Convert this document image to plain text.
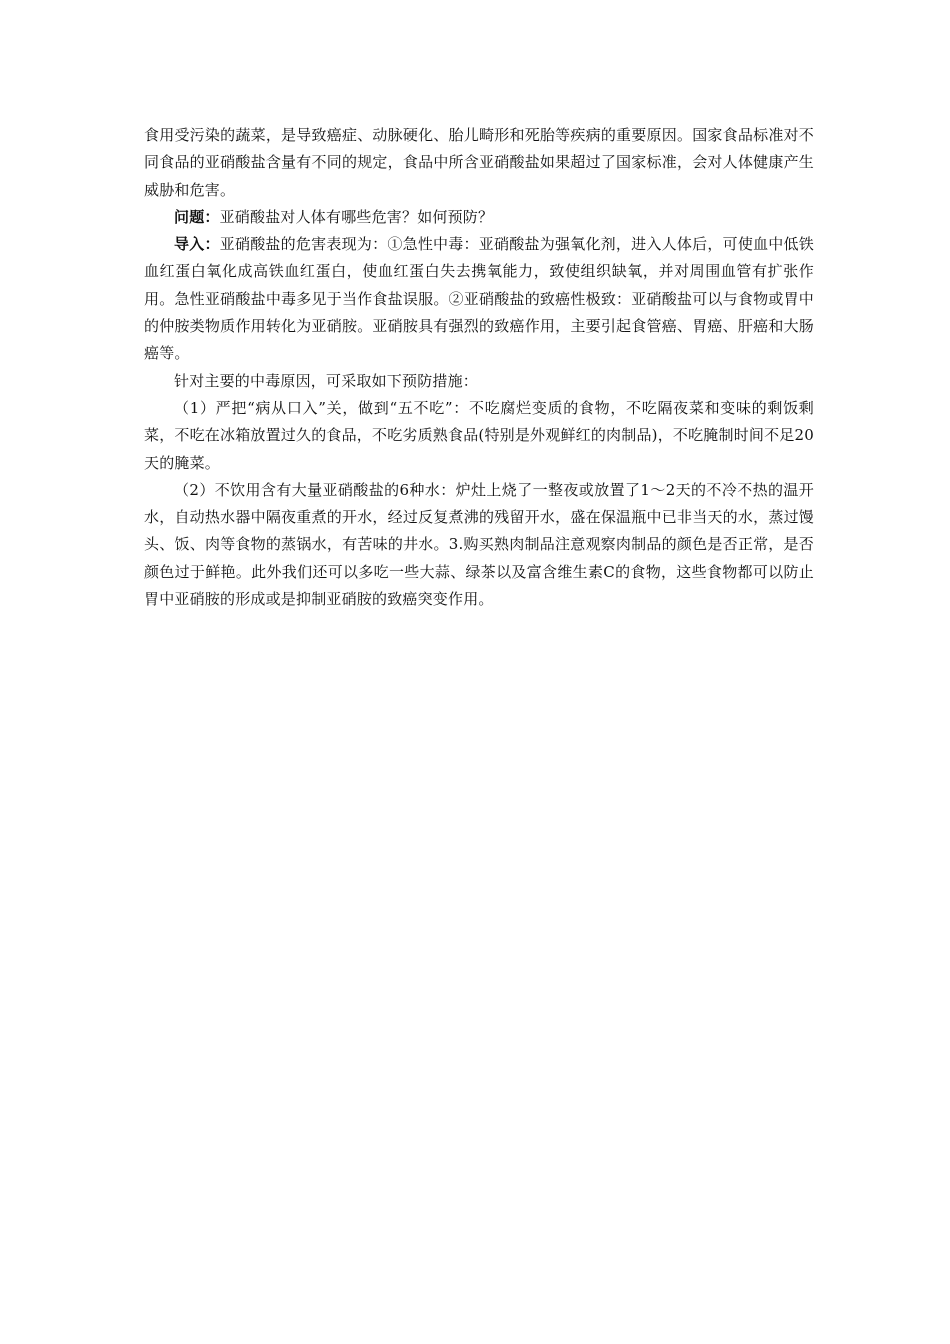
食用受污染的蔬菜，是导致癌症、动脉硬化、胎儿畸形和死胎等疾病的重要原因。国家食品标准对不同食品的亚硝酸盐含量有不同的规定，食品中所含亚硝酸盐如果超过了国家标准，会对人体健康产生威胁和危害。

问题：亚硝酸盐对人体有哪些危害？如何预防？

导入：亚硝酸盐的危害表现为：①急性中毒：亚硝酸盐为强氧化剂，进入人体后，可使血中低铁血红蛋白氧化成高铁血红蛋白，使血红蛋白失去携氧能力，致使组织缺氧，并对周围血管有扩张作用。急性亚硝酸盐中毒多见于当作食盐误服。②亚硝酸盐的致癌性极致：亚硝酸盐可以与食物或胃中的仲胺类物质作用转化为亚硝胺。亚硝胺具有强烈的致癌作用，主要引起食管癌、胃癌、肝癌和大肠癌等。

针对主要的中毒原因，可采取如下预防措施：

（1）严把“病从口入”关，做到“五不吃”：不吃腐烂变质的食物，不吃隔夜菜和变味的剩饭剩菜，不吃在冰箱放置过久的食品，不吃劣质熟食品(特别是外观鲜红的肉制品)，不吃腌制时间不足20天的腌菜。

（2）不饮用含有大量亚硝酸盐的6种水：炉灶上烧了一整夜或放置了1～2天的不冷不热的温开水，自动热水器中隔夜重煮的开水，经过反复煮沸的残留开水，盛在保温瓶中已非当天的水，蒸过馒头、饭、肉等食物的蒸锅水，有苦味的井水。3.购买熟肉制品注意观察肉制品的颜色是否正常，是否颜色过于鲜艳。此外我们还可以多吃一些大蒜、绿茶以及富含维生素C的食物，这些食物都可以防止胃中亚硝胺的形成或是抑制亚硝胺的致癌突变作用。
